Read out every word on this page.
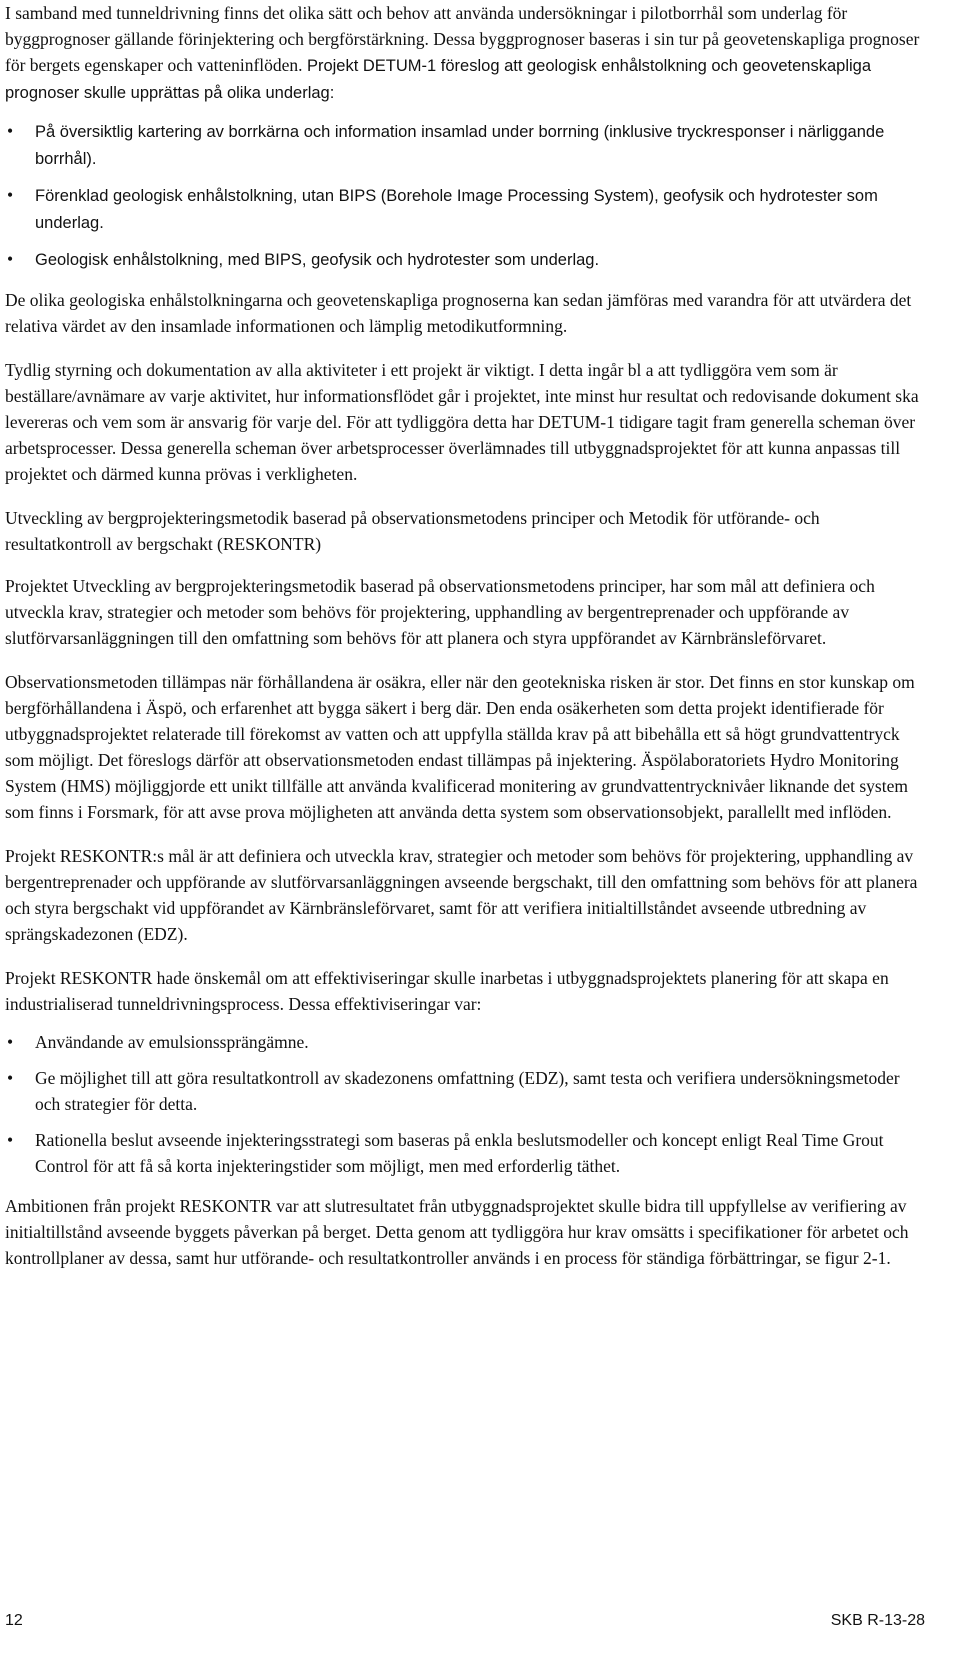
I samband med tunneldrivning finns det olika sätt och behov att använda undersökningar i pilotborrhål som underlag för byggprognoser gällande förinjektering och bergförstärkning. Dessa byggprognoser baseras i sin tur på geovetenskapliga prognoser för bergets egenskaper och vatteninflöden. Projekt DETUM-1 föreslog att geologisk enhålstolkning och geovetenskapliga prognoser skulle upprättas på olika underlag:

• På översiktlig kartering av borrkärna och information insamlad under borrning (inklusive tryckresponser i närliggande borrhål).
• Förenklad geologisk enhålstolkning, utan BIPS (Borehole Image Processing System), geofysik och hydrotester som underlag.
• Geologisk enhålstolkning, med BIPS, geofysik och hydrotester som underlag.

De olika geologiska enhålstolkningarna och geovetenskapliga prognoserna kan sedan jämföras med varandra för att utvärdera det relativa värdet av den insamlade informationen och lämplig metodikutformning.

Tydlig styrning och dokumentation av alla aktiviteter i ett projekt är viktigt. I detta ingår bl a att tydliggöra vem som är beställare/avnämare av varje aktivitet, hur informationsflödet går i projektet, inte minst hur resultat och redovisande dokument ska levereras och vem som är ansvarig för varje del. För att tydliggöra detta har DETUM-1 tidigare tagit fram generella scheman över arbetsprocesser. Dessa generella scheman över arbetsprocesser överlämnades till utbyggnadsprojektet för att kunna anpassas till projektet och därmed kunna prövas i verkligheten.

Utveckling av bergprojekteringsmetodik baserad på observationsmetodens principer och Metodik för utförande- och resultatkontroll av bergschakt (RESKONTR)

Projektet Utveckling av bergprojekteringsmetodik baserad på observationsmetodens principer, har som mål att definiera och utveckla krav, strategier och metoder som behövs för projektering, upphandling av bergentreprenader och uppförande av slutförvarsanläggningen till den omfattning som behövs för att planera och styra uppförandet av Kärnbränsleförvaret.

Observationsmetoden tillämpas när förhållandena är osäkra, eller när den geotekniska risken är stor. Det finns en stor kunskap om bergförhållandena i Äspö, och erfarenhet att bygga säkert i berg där. Den enda osäkerheten som detta projekt identifierade för utbyggnadsprojektet relaterade till förekomst av vatten och att uppfylla ställda krav på att bibehålla ett så högt grundvattentryck som möjligt. Det föreslogs därför att observationsmetoden endast tillämpas på injektering. Äspölaboratoriets Hydro Monitoring System (HMS) möjliggjorde ett unikt tillfälle att använda kvalificerad monitering av grundvattentrycknivåer liknande det system som finns i Forsmark, för att avse prova möjligheten att använda detta system som observationsobjekt, parallellt med inflöden.

Projekt RESKONTR:s mål är att definiera och utveckla krav, strategier och metoder som behövs för projektering, upphandling av bergentreprenader och uppförande av slutförvarsanläggningen avseende bergschakt, till den omfattning som behövs för att planera och styra bergschakt vid uppförandet av Kärnbränsleförvaret, samt för att verifiera initialtillståndet avseende utbredning av sprängskadezonen (EDZ).

Projekt RESKONTR hade önskemål om att effektiviseringar skulle inarbetas i utbyggnadsprojektets planering för att skapa en industrialiserad tunneldrivningsprocess. Dessa effektiviseringar var:

• Användande av emulsionssprängämne.
• Ge möjlighet till att göra resultatkontroll av skadezonens omfattning (EDZ), samt testa och verifiera undersökningsmetoder och strategier för detta.
• Rationella beslut avseende injekteringsstrategi som baseras på enkla beslutsmodeller och koncept enligt Real Time Grout Control för att få så korta injekteringstider som möjligt, men med erforderlig täthet.

Ambitionen från projekt RESKONTR var att slutresultatet från utbyggnadsprojektet skulle bidra till uppfyllelse av verifiering av initialtillstånd avseende byggets påverkan på berget. Detta genom att tydliggöra hur krav omsätts i specifikationer för arbetet och kontrollplaner av dessa, samt hur utförande- och resultatkontroller används i en process för ständiga förbättringar, se figur 2-1.

12	SKB R-13-28
